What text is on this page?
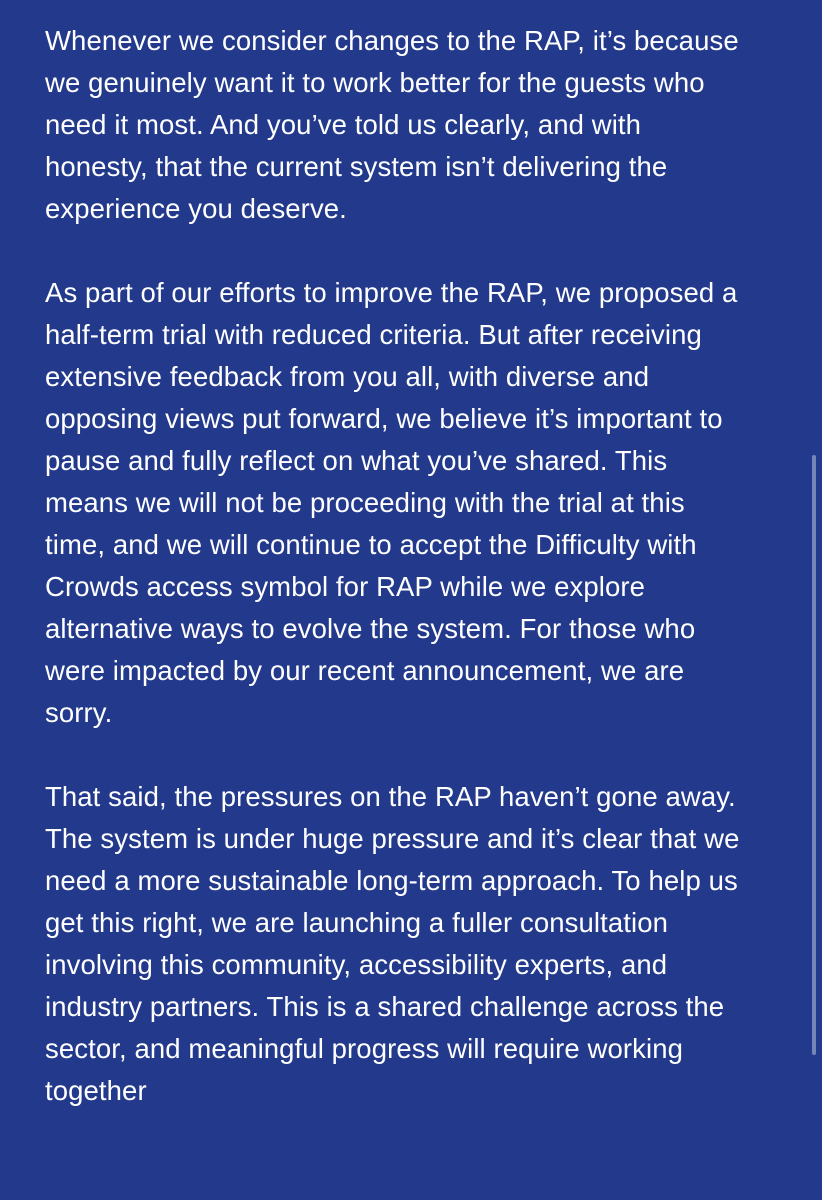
Whenever we consider changes to the RAP, it’s because
we genuinely want it to work better for the guests who
need it most. And you’ve told us clearly, and with
honesty, that the current system isn’t delivering the
experience you deserve.

As part of our efforts to improve the RAP, we proposed a
half-term trial with reduced criteria. But after receiving
extensive feedback from you all, with diverse and
opposing views put forward, we believe it’s important to
pause and fully reflect on what you’ve shared. This
means we will not be proceeding with the trial at this
time, and we will continue to accept the Difficulty with
Crowds access symbol for RAP while we explore
alternative ways to evolve the system. For those who
were impacted by our recent announcement, we are
sorry.

That said, the pressures on the RAP haven’t gone away.
The system is under huge pressure and it’s clear that we
need a more sustainable long-term approach. To help us
get this right, we are launching a fuller consultation
involving this community, accessibility experts, and
industry partners. This is a shared challenge across the
sector, and meaningful progress will require working
together
